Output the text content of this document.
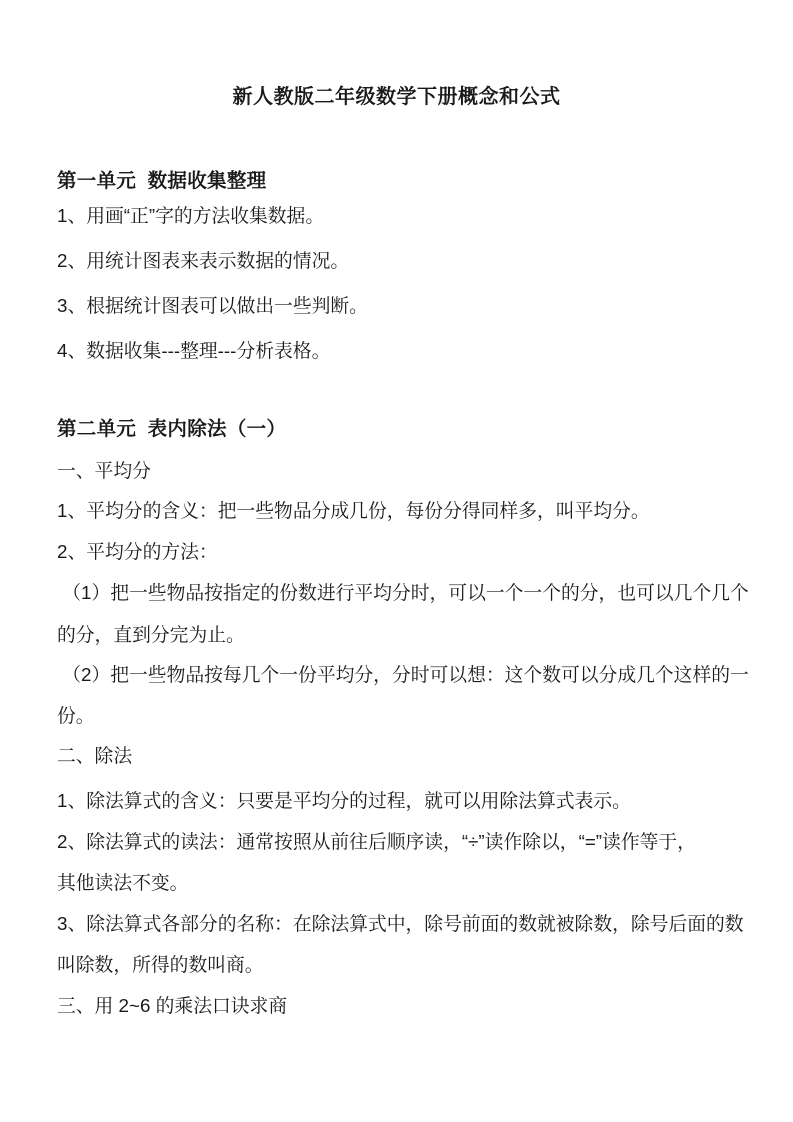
新人教版二年级数学下册概念和公式
第一单元  数据收集整理
1、用画“正”字的方法收集数据。
2、用统计图表来表示数据的情况。
3、根据统计图表可以做出一些判断。
4、数据收集---整理---分析表格。
第二单元  表内除法（一）
一、平均分
1、平均分的含义：把一些物品分成几份，每份分得同样多，叫平均分。
2、平均分的方法：
（1）把一些物品按指定的份数进行平均分时，可以一个一个的分，也可以几个几个
的分，直到分完为止。
（2）把一些物品按每几个一份平均分，分时可以想：这个数可以分成几个这样的一
份。
二、除法
1、除法算式的含义：只要是平均分的过程，就可以用除法算式表示。
2、除法算式的读法：通常按照从前往后顺序读，“÷”读作除以，“=”读作等于，
其他读法不变。
3、除法算式各部分的名称：在除法算式中，除号前面的数就被除数，除号后面的数
叫除数，所得的数叫商。
三、用 2~6 的乘法口诀求商
